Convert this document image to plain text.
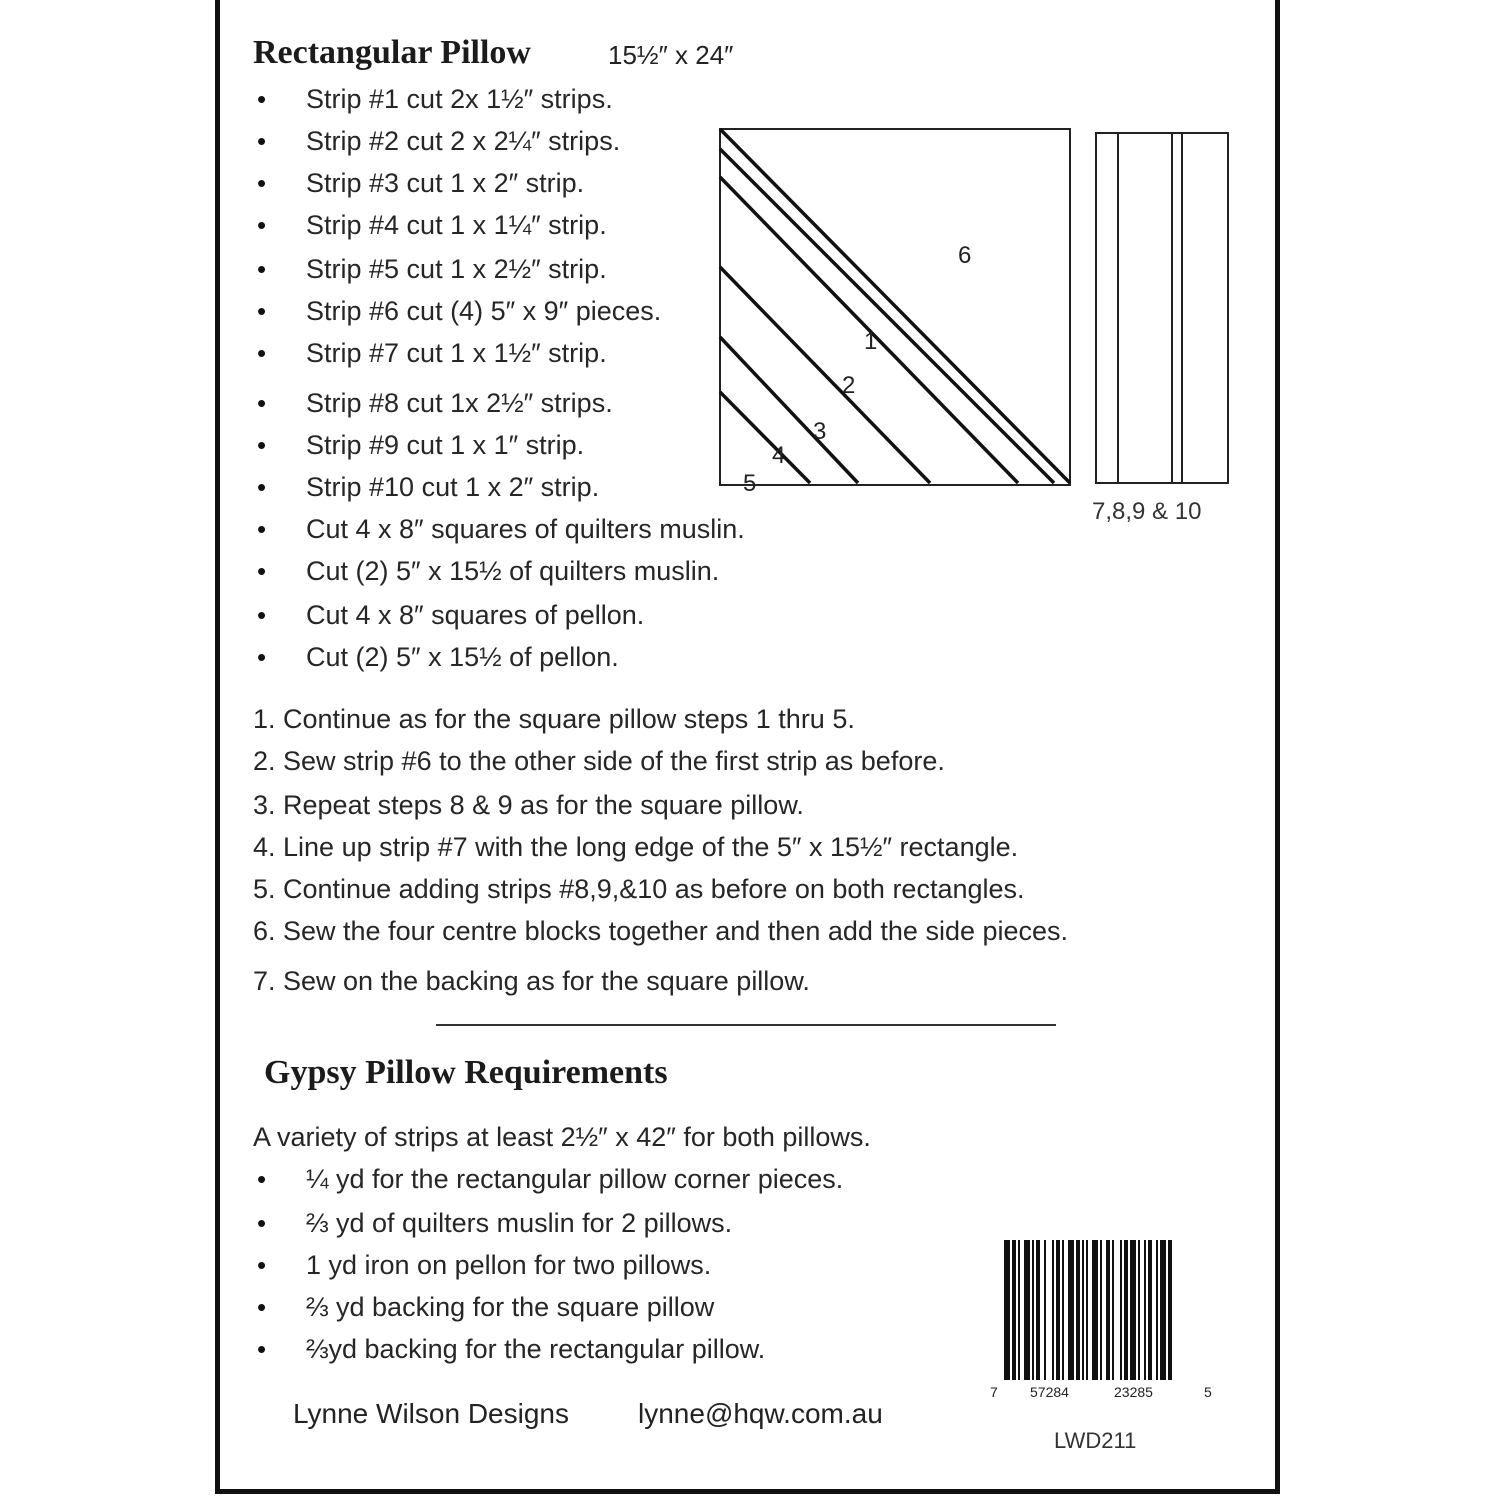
Rectangular Pillow	15½″ x 24″
• Strip #1 cut 2x 1½″ strips.
• Strip #2 cut 2 x 2¼″ strips.
• Strip #3 cut 1 x 2″ strip.
• Strip #4 cut 1 x 1¼″ strip.
• Strip #5 cut 1 x 2½″ strip.
• Strip #6 cut (4) 5″ x 9″ pieces.
• Strip #7 cut 1 x 1½″ strip.
• Strip #8 cut 1x 2½″ strips.
• Strip #9 cut 1 x 1″ strip.
• Strip #10 cut 1 x 2″ strip.
• Cut 4 x 8″ squares of quilters muslin.
• Cut (2) 5″ x 15½ of quilters muslin.
• Cut 4 x 8″ squares of pellon.
• Cut (2) 5″ x 15½ of pellon.
6
1
2
3
4
5
7,8,9 & 10
1. Continue as for the square pillow steps 1 thru 5.
2. Sew strip #6 to the other side of the first strip as before.
3. Repeat steps 8 & 9 as for the square pillow.
4. Line up strip #7 with the long edge of the 5″ x 15½″ rectangle.
5. Continue adding strips #8,9,&10 as before on both rectangles.
6. Sew the four centre blocks together and then add the side pieces.
7. Sew on the backing as for the square pillow.
Gypsy Pillow Requirements
A variety of strips at least 2½″ x 42″ for both pillows.
• ¼ yd for the rectangular pillow corner pieces.
• ⅔ yd of quilters muslin for 2 pillows.
• 1 yd iron on pellon for two pillows.
• ⅔ yd backing for the square pillow
• ⅔yd backing for the rectangular pillow.
7 57284	23285	5
LWD211
Lynne Wilson Designs lynne@hqw.com.au
